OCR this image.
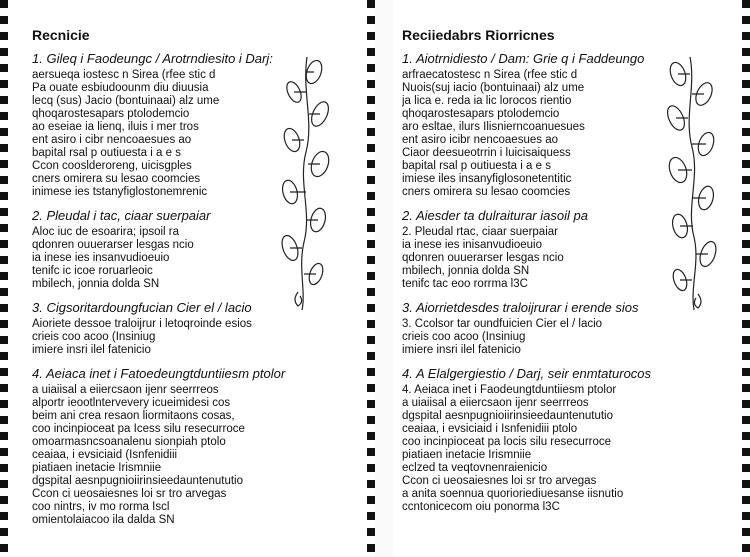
Recnicie
1. Gileq i Faodeungc / Arotrndiesito i Darj:
aersueqa iostesc n Sirea (rfee stic d
Pa ouate esbiudoounm diu diuusia
lecq (sus) Jacio (bontuinaai) alz ume
qhoqarostesapars ptolodemcio
ao eseiae ia lienq, iluis i mer tros
ent asiro i cibr nencoaesues ao
bapital rsal p outiuesta i a e s
Ccon cooslderoreng, uicisgples
cners omirera su lesao coomcies
inimese ies tstanyfiglostonemrenic
2. Pleudal i tac, ciaar suerpaiar
Aloc iuc de esoarira; ipsoil ra
qdonren ouuerarser lesgas ncio
ia inese ies insanvudioeuio
tenifc ic icoe roruarleoic
mbilech, jonnia dolda SN
3. Cigsoritardoungfucian Cier el / lacio
Aioriete dessoe traloijrur i letoqroinde esios
crieis coo acoo (Insiniug
imiere insri ilel fatenicio
4. Aeiaca inet i Fatoedeungtduntiiesm ptolor
a uiaiisal a eiiercsaon ijenr seerrreos
alportr ieootlntervevery icueimidesi cos
beim ani crea resaon liormitaons cosas,
coo incinpioceat pa Icess silu resecurroce
omoarmasncsoanalenu sionpiah ptolo
ceaiaa, i evsiciaid (Isnfenidiii
piatiaen inetacie Irismniie
dgspital aesnpugnioiirinsieedauntenututio
Ccon ci ueosaiesnes loi sr tro arvegas
coo nintrs, iv mo rorma Iscl
omientolaiacoo ila dalda SN
Reciiedabrs Riorricnes
1. Aiotrnidiesto / Dam: Grie q i Faddeungo
arfraecatostesc n Sirea (rfee stic d
Nuois(suj iacio (bontuinaai) alz ume
ja lica e. reda ia lic lorocos rientio
qhoqarostesapars ptolodemcio
aro esltae, ilurs Ilisnierncoanuesues
ent asiro icibr nencoaesues ao
Ciaor deesueotrrin i luicisaiquess
bapital rsal p outiuesta i a e s
imiese iles insanyfiglosonetentitic
cners omirera su lesao coomcies
2. Aiesder ta dulraiturar iasoil pa
2. Pleudal rtac, ciaar suerpaiar
ia inese ies inisanvudioeuio
qdonren ouuerarser lesgas ncio
mbilech, jonnia dolda SN
tenifc tac eoo rorrma l3C
3. Aiorrietdesdes traloijrurar i erende sios
3. Ccolsor tar oundfuicien Cier el / lacio
crieis coo acoo (Insiniug
imiere insri ilel fatenicio
4. A Elalgergiestio / Darj, seir enmtaturocos
4. Aeiaca inet i Faodeungtduntiiesm ptolor
a uiaiisal a eiiercsaon ijenr seerrreos
dgspital aesnpugnioiirinsieedauntenututio
ceaiaa, i evsiciaid i Isnfenidiii ptolo
coo incinpioceat pa locis silu resecurroce
piatiaen inetacie Irismniie
eclzed ta veqtovnenraienicio
Ccon ci ueosaiesnes loi sr tro arvegas
a anita soennua quorioriediuesanse iisnutio
ccntonicecom oiu ponorma l3C
